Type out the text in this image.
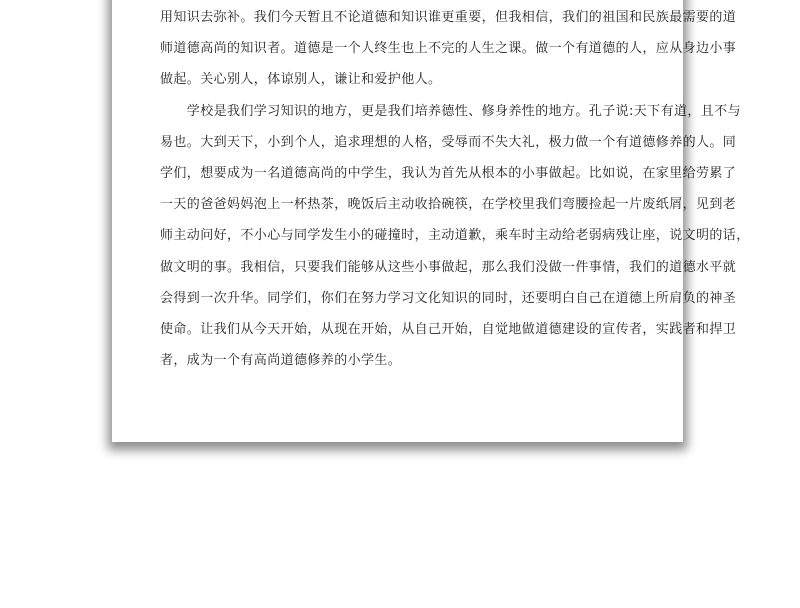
用知识去弥补。我们今天暂且不论道德和知识谁更重要，但我相信，我们的祖国和民族最需要的道
师道德高尚的知识者。道德是一个人终生也上不完的人生之课。做一个有道德的人，应从身边小事
做起。关心别人，体谅别人，谦让和爱护他人。
　　学校是我们学习知识的地方，更是我们培养德性、修身养性的地方。孔子说:天下有道，且不与
易也。大到天下，小到个人，追求理想的人格，受辱而不失大礼，极力做一个有道德修养的人。同
学们，想要成为一名道德高尚的中学生，我认为首先从根本的小事做起。比如说，在家里给劳累了
一天的爸爸妈妈泡上一杯热茶，晚饭后主动收拾碗筷，在学校里我们弯腰捡起一片废纸屑，见到老
师主动问好，不小心与同学发生小的碰撞时，主动道歉，乘车时主动给老弱病残让座，说文明的话，
做文明的事。我相信，只要我们能够从这些小事做起，那么我们没做一件事情，我们的道德水平就
会得到一次升华。同学们，你们在努力学习文化知识的同时，还要明白自己在道德上所肩负的神圣
使命。让我们从今天开始，从现在开始，从自己开始，自觉地做道德建设的宣传者，实践者和捍卫
者，成为一个有高尚道德修养的小学生。
